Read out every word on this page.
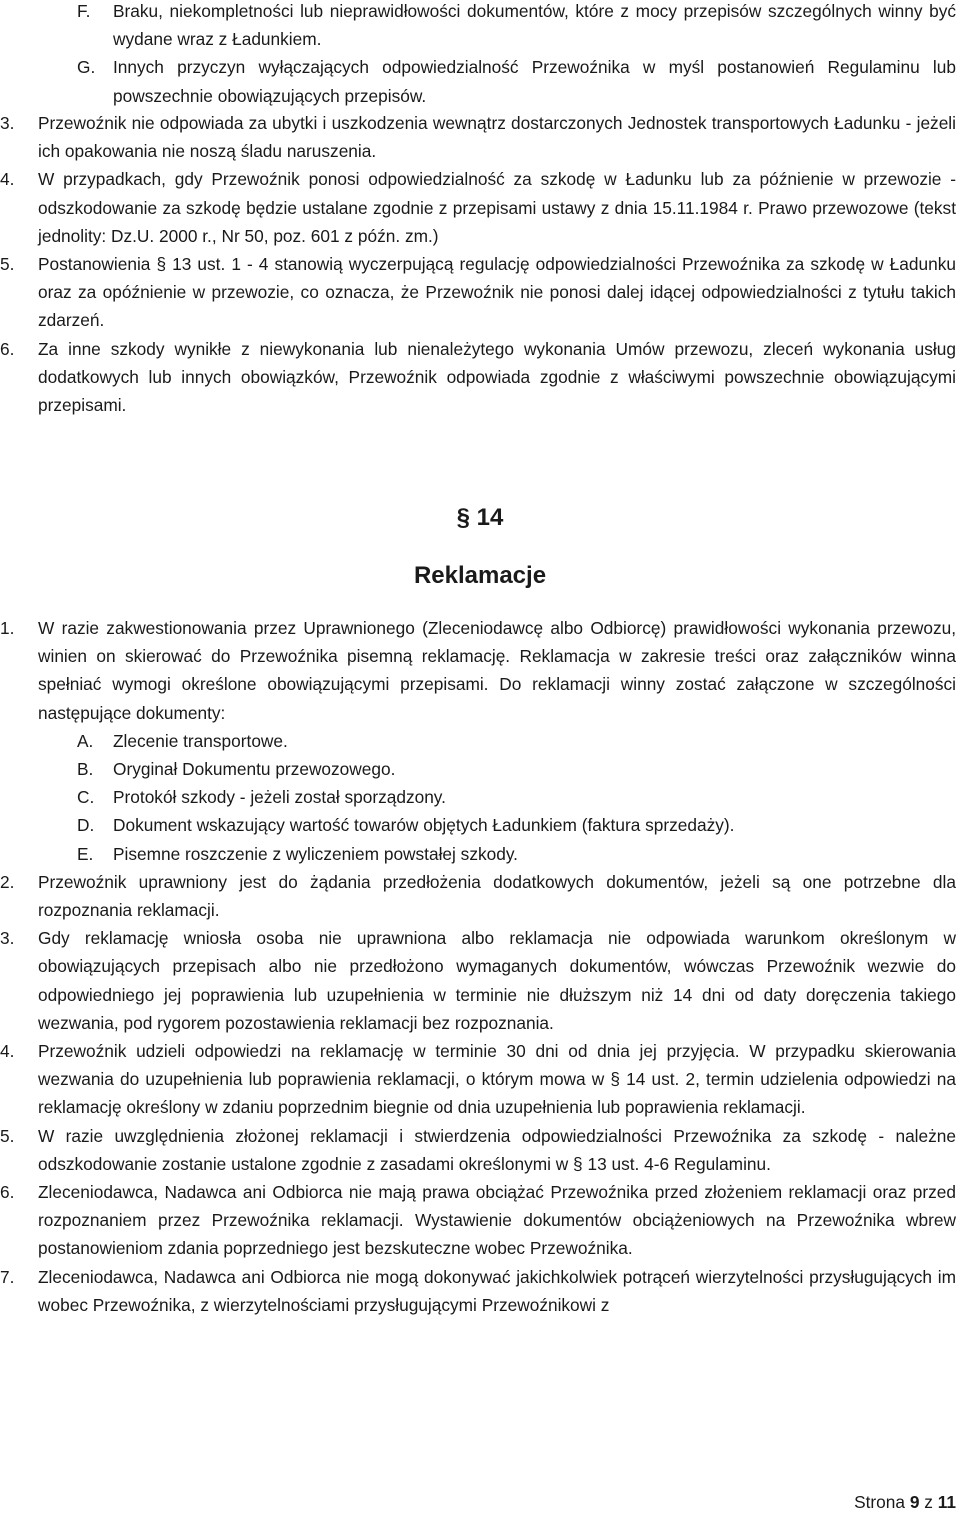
F. Braku, niekompletności lub nieprawidłowości dokumentów, które z mocy przepisów szczególnych winny być wydane wraz z Ładunkiem.
G. Innych przyczyn wyłączających odpowiedzialność Przewoźnika w myśl postanowień Regulaminu lub powszechnie obowiązujących przepisów.
3. Przewoźnik nie odpowiada za ubytki i uszkodzenia wewnątrz dostarczonych Jednostek transportowych Ładunku - jeżeli ich opakowania nie noszą śladu naruszenia.
4. W przypadkach, gdy Przewoźnik ponosi odpowiedzialność za szkodę w Ładunku lub za późnienie w przewozie - odszkodowanie za szkodę będzie ustalane zgodnie z przepisami ustawy z dnia 15.11.1984 r. Prawo przewozowe (tekst jednolity: Dz.U. 2000 r., Nr 50, poz. 601 z późn. zm.)
5. Postanowienia § 13 ust. 1 - 4 stanowią wyczerpującą regulację odpowiedzialności Przewoźnika za szkodę w Ładunku oraz za opóźnienie w przewozie, co oznacza, że Przewoźnik nie ponosi dalej idącej odpowiedzialności z tytułu takich zdarzeń.
6. Za inne szkody wynikłe z niewykonania lub nienależytego wykonania Umów przewozu, zleceń wykonania usług dodatkowych lub innych obowiązków, Przewoźnik odpowiada zgodnie z właściwymi powszechnie obowiązującymi przepisami.
§ 14
Reklamacje
1. W razie zakwestionowania przez Uprawnionego (Zleceniodawcę albo Odbiorcę) prawidłowości wykonania przewozu, winien on skierować do Przewoźnika pisemną reklamację. Reklamacja w zakresie treści oraz załączników winna spełniać wymogi określone obowiązującymi przepisami. Do reklamacji winny zostać załączone w szczególności następujące dokumenty:
A. Zlecenie transportowe.
B. Oryginał Dokumentu przewozowego.
C. Protokół szkody - jeżeli został sporządzony.
D. Dokument wskazujący wartość towarów objętych Ładunkiem (faktura sprzedaży).
E. Pisemne roszczenie z wyliczeniem powstałej szkody.
2. Przewoźnik uprawniony jest do żądania przedłożenia dodatkowych dokumentów, jeżeli są one potrzebne dla rozpoznania reklamacji.
3. Gdy reklamację wniosła osoba nie uprawniona albo reklamacja nie odpowiada warunkom określonym w obowiązujących przepisach albo nie przedłożono wymaganych dokumentów, wówczas Przewoźnik wezwie do odpowiedniego jej poprawienia lub uzupełnienia w terminie nie dłuższym niż 14 dni od daty doręczenia takiego wezwania, pod rygorem pozostawienia reklamacji bez rozpoznania.
4. Przewoźnik udzieli odpowiedzi na reklamację w terminie 30 dni od dnia jej przyjęcia. W przypadku skierowania wezwania do uzupełnienia lub poprawienia reklamacji, o którym mowa w § 14 ust. 2, termin udzielenia odpowiedzi na reklamację określony w zdaniu poprzednim biegnie od dnia uzupełnienia lub poprawienia reklamacji.
5. W razie uwzględnienia złożonej reklamacji i stwierdzenia odpowiedzialności Przewoźnika za szkodę - należne odszkodowanie zostanie ustalone zgodnie z zasadami określonymi w § 13 ust. 4-6 Regulaminu.
6. Zleceniodawca, Nadawca ani Odbiorca nie mają prawa obciążać Przewoźnika przed złożeniem reklamacji oraz przed rozpoznaniem przez Przewoźnika reklamacji. Wystawienie dokumentów obciążeniowych na Przewoźnika wbrew postanowieniom zdania poprzedniego jest bezskuteczne wobec Przewoźnika.
7. Zleceniodawca, Nadawca ani Odbiorca nie mogą dokonywać jakichkolwiek potrąceń wierzytelności przysługujących im wobec Przewoźnika, z wierzytelnościami przysługującymi Przewoźnikowi z
Strona 9 z 11
